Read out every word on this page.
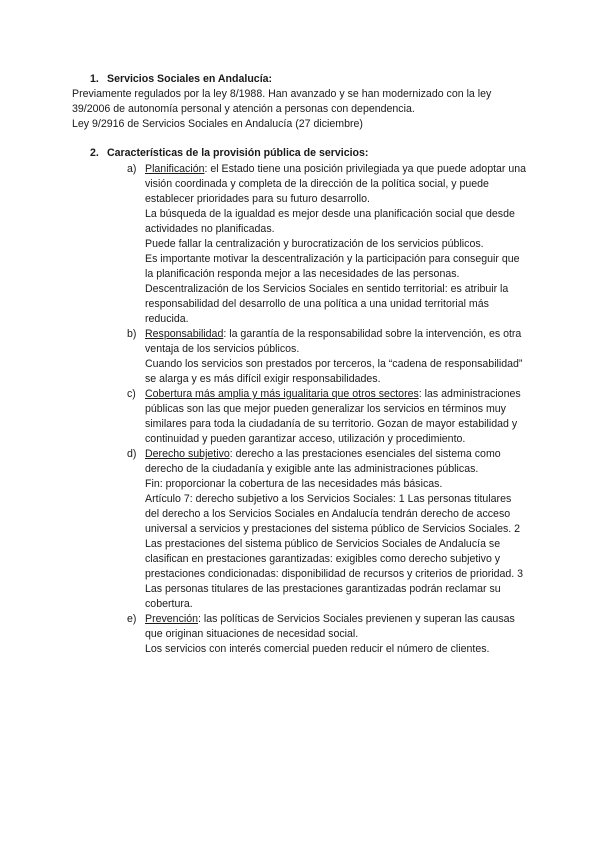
1. Servicios Sociales en Andalucía:

Previamente regulados por la ley 8/1988. Han avanzado y se han modernizado con la ley 39/2006 de autonomía personal y atención a personas con dependencia.

Ley 9/2916 de Servicios Sociales en Andalucía (27 diciembre)

2. Características de la provisión pública de servicios:
a) Planificación: el Estado tiene una posición privilegiada ya que puede adoptar una visión coordinada y completa de la dirección de la política social, y puede establecer prioridades para su futuro desarrollo.

La búsqueda de la igualdad es mejor desde una planificación social que desde actividades no planificadas.

Puede fallar la centralización y burocratización de los servicios públicos.

Es importante motivar la descentralización y la participación para conseguir que la planificación responda mejor a las necesidades de las personas.

Descentralización de los Servicios Sociales en sentido territorial: es atribuir la responsabilidad del desarrollo de una política a una unidad territorial más reducida.

b) Responsabilidad: la garantía de la responsabilidad sobre la intervención, es otra ventaja de los servicios públicos.

Cuando los servicios son prestados por terceros, la “cadena de responsabilidad” se alarga y es más difícil exigir responsabilidades.

c) Cobertura más amplia y más igualitaria que otros sectores: las administraciones públicas son las que mejor pueden generalizar los servicios en términos muy similares para toda la ciudadanía de su territorio. Gozan de mayor estabilidad y continuidad y pueden garantizar acceso, utilización y procedimiento.

d) Derecho subjetivo: derecho a las prestaciones esenciales del sistema como derecho de la ciudadanía y exigible ante las administraciones públicas.

Fin: proporcionar la cobertura de las necesidades más básicas.

Artículo 7: derecho subjetivo a los Servicios Sociales: 1 Las personas titulares del derecho a los Servicios Sociales en Andalucía tendrán derecho de acceso universal a servicios y prestaciones del sistema público de Servicios Sociales. 2 Las prestaciones del sistema público de Servicios Sociales de Andalucía se clasifican en prestaciones garantizadas: exigibles como derecho subjetivo y prestaciones condicionadas: disponibilidad de recursos y criterios de prioridad. 3 Las personas titulares de las prestaciones garantizadas podrán reclamar su cobertura.

e) Prevención: las políticas de Servicios Sociales previenen y superan las causas que originan situaciones de necesidad social.

Los servicios con interés comercial pueden reducir el número de clientes.
